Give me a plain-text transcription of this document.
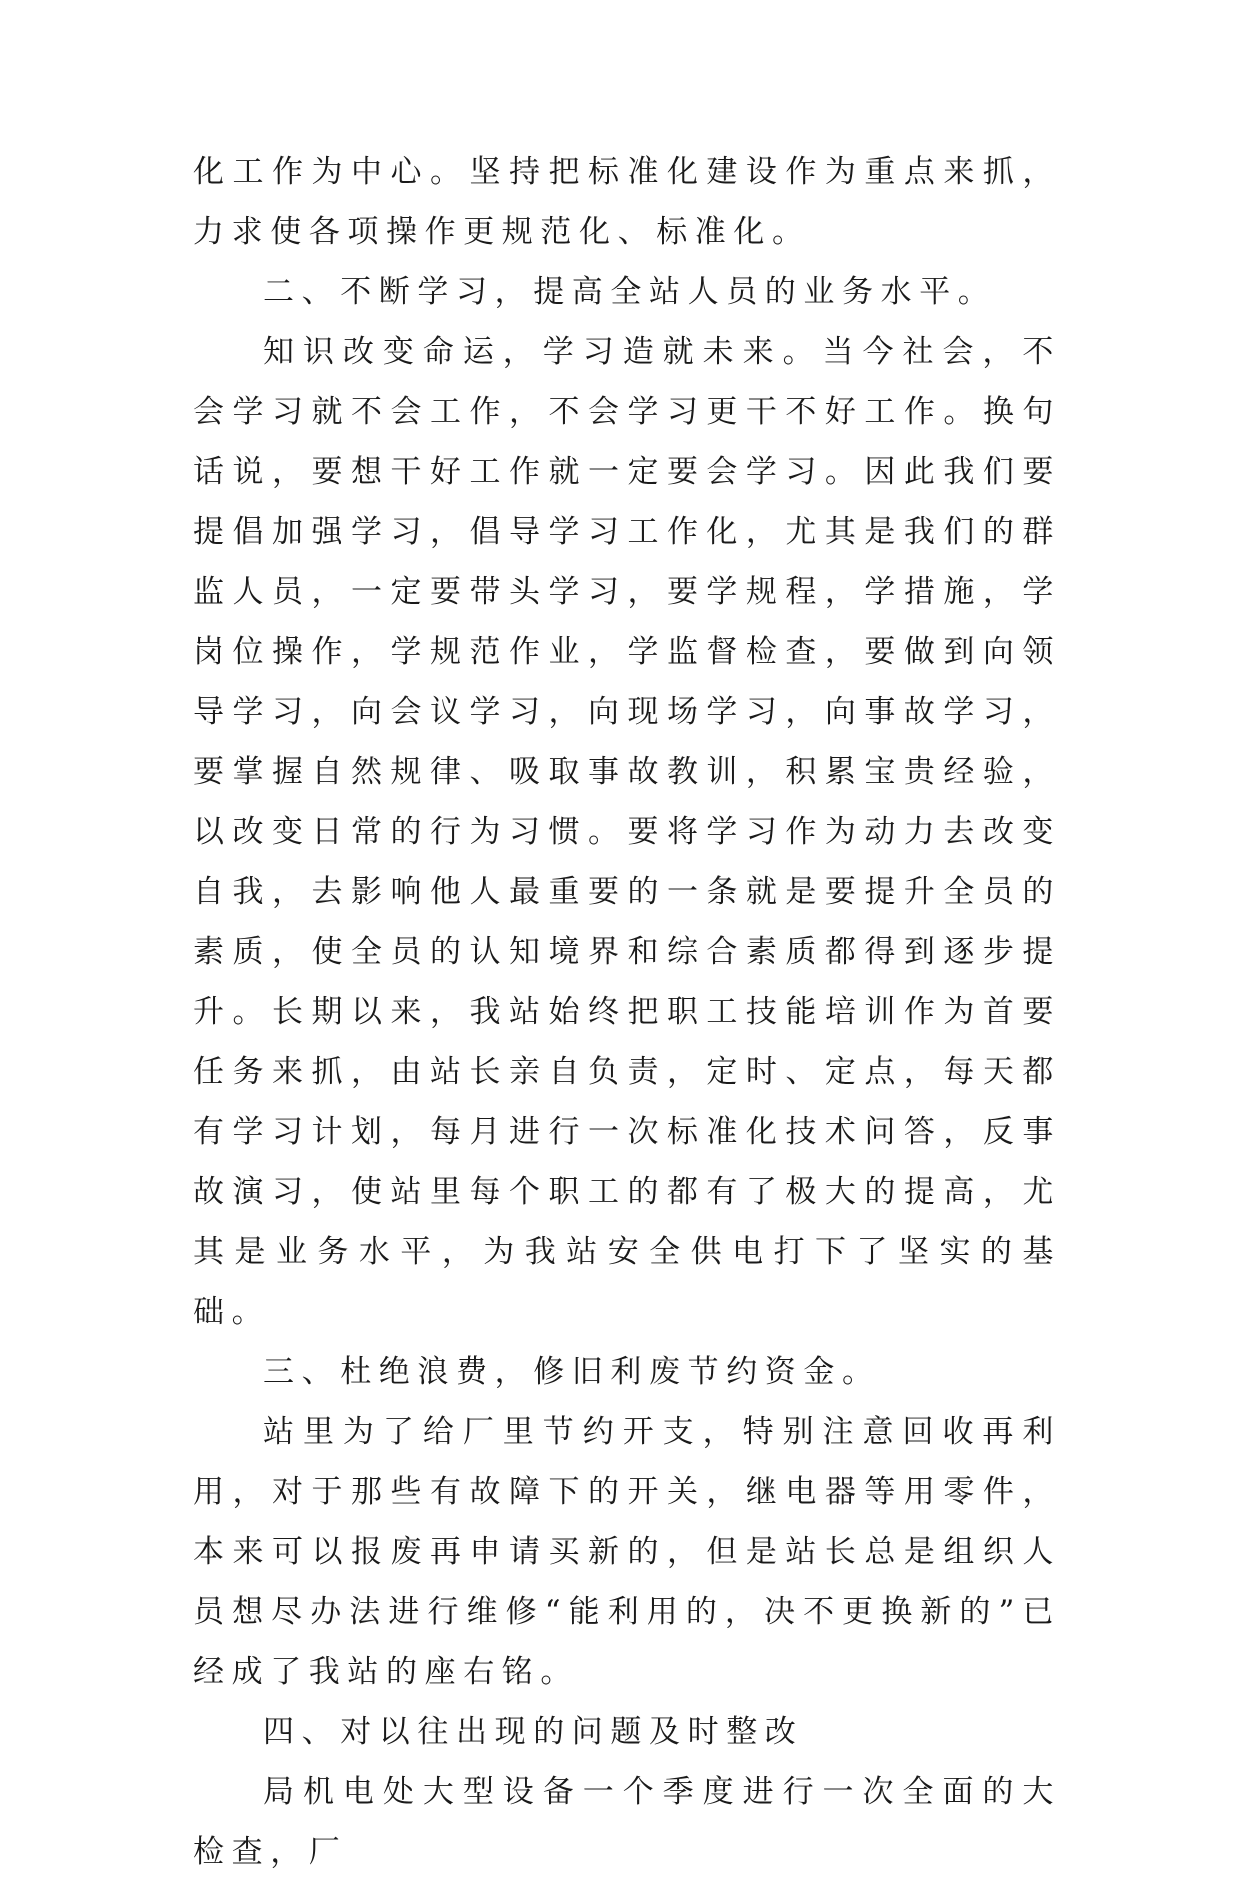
化工作为中心。坚持把标准化建设作为重点来抓，力求使各项操作更规范化、标准化。

二、不断学习，提高全站人员的业务水平。

知识改变命运，学习造就未来。当今社会，不会学习就不会工作，不会学习更干不好工作。换句话说，要想干好工作就一定要会学习。因此我们要提倡加强学习，倡导学习工作化，尤其是我们的群监人员，一定要带头学习，要学规程，学措施，学岗位操作，学规范作业，学监督检查，要做到向领导学习，向会议学习，向现场学习，向事故学习，要掌握自然规律、吸取事故教训，积累宝贵经验，以改变日常的行为习惯。要将学习作为动力去改变自我，去影响他人最重要的一条就是要提升全员的素质，使全员的认知境界和综合素质都得到逐步提升。长期以来，我站始终把职工技能培训作为首要任务来抓，由站长亲自负责，定时、定点，每天都有学习计划，每月进行一次标准化技术问答，反事故演习，使站里每个职工的都有了极大的提高，尤其是业务水平，为我站安全供电打下了坚实的基础。

三、杜绝浪费，修旧利废节约资金。

站里为了给厂里节约开支，特别注意回收再利用，对于那些有故障下的开关，继电器等用零件，本来可以报废再申请买新的，但是站长总是组织人员想尽办法进行维修“能利用的，决不更换新的”已经成了我站的座右铭。

四、对以往出现的问题及时整改

局机电处大型设备一个季度进行一次全面的大检查，厂
